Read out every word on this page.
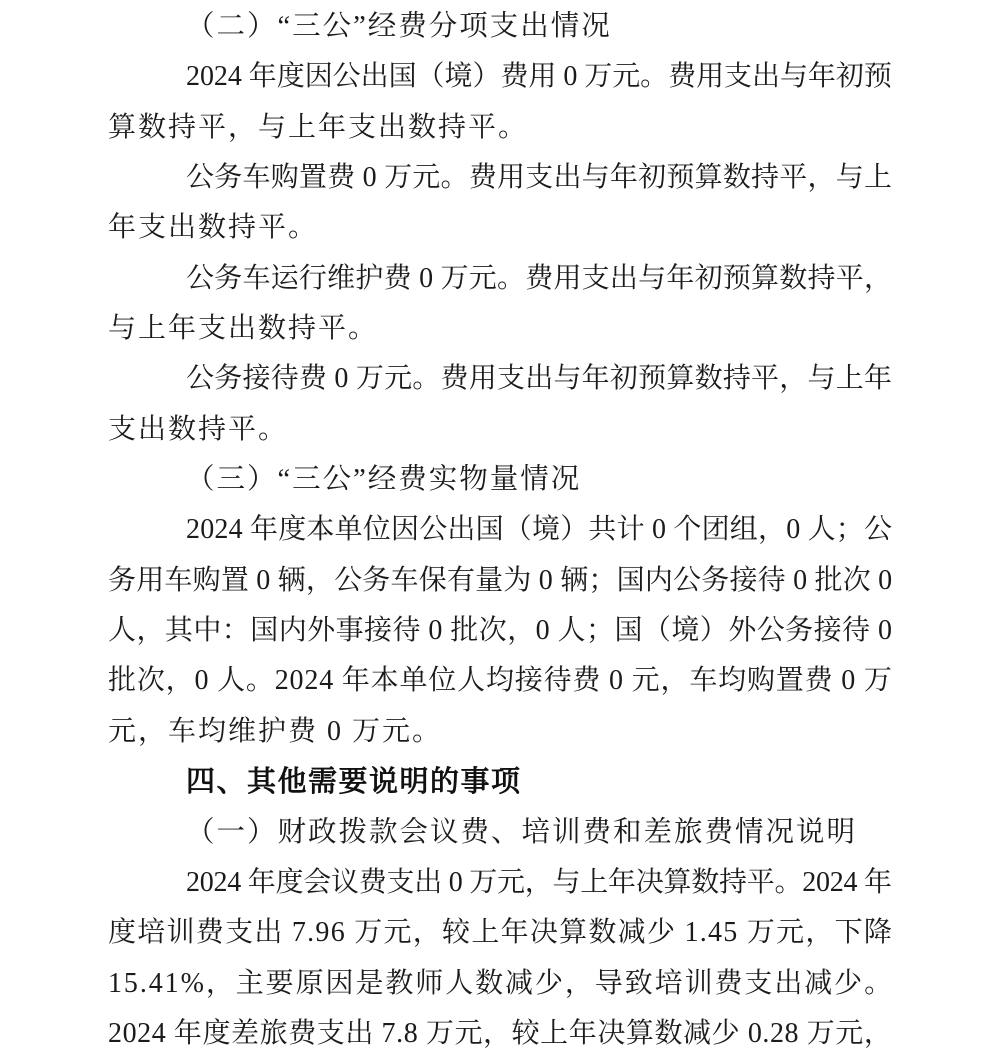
（二）“三公”经费分项支出情况
2024 年度因公出国（境）费用 0 万元。费用支出与年初预
算数持平，与上年支出数持平。
公务车购置费 0 万元。费用支出与年初预算数持平，与上
年支出数持平。
公务车运行维护费 0 万元。费用支出与年初预算数持平，
与上年支出数持平。
公务接待费 0 万元。费用支出与年初预算数持平，与上年
支出数持平。
（三）“三公”经费实物量情况
2024 年度本单位因公出国（境）共计 0 个团组，0 人；公
务用车购置 0 辆，公务车保有量为 0 辆；国内公务接待 0 批次 0
人，其中：国内外事接待 0 批次，0 人；国（境）外公务接待 0
批次，0 人。2024 年本单位人均接待费 0 元，车均购置费 0 万
元，车均维护费 0 万元。
四、其他需要说明的事项
（一）财政拨款会议费、培训费和差旅费情况说明
2024 年度会议费支出 0 万元，与上年决算数持平。2024 年
度培训费支出 7.96 万元，较上年决算数减少 1.45 万元，下降
15.41%，主要原因是教师人数减少，导致培训费支出减少。
2024 年度差旅费支出 7.8 万元，较上年决算数减少 0.28 万元，
